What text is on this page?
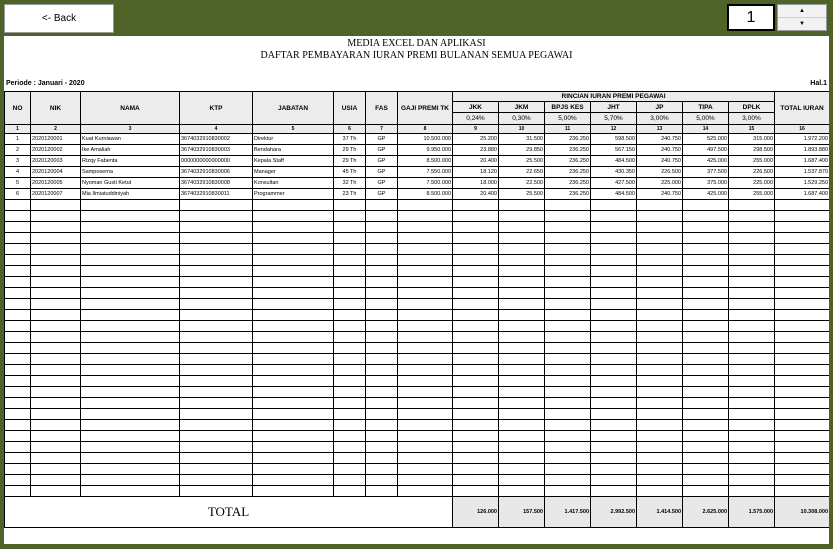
<- Back	1	▲
▼
MEDIA EXCEL DAN APLIKASI
DAFTAR PEMBAYARAN IURAN PREMI BULANAN SEMUA PEGAWAI
Periode : Januari - 2020	Hal.1
NO	NIK	NAMA	KTP	JABATAN	USIA	FAS	GAJI PREMI TK	RINCIAN IURAN PREMI PEGAWAI							TOTAL IURAN
								JKK	JKM	BPJS KES	JHT	JP	TIPA	DPLK	
								0,24%	0,30%	5,00%	5,70%	3,00%	5,00%	3,00%	
1	2	3	4	5	6	7	8	9	10	11	12	13	14	15	16
1	2020120001	Kuat Kurniawan	3674032910830002	Direktur	37 Th	GP	10.500.000	25.200	31.500	236.250	598.500	240.750	525.000	315.000	1.972.200
2	2020120002	Ike Amaliah	3674032910830003	Bendahara	29 Th	GP	9.950.000	23.880	29.850	236.250	567.150	240.750	497.500	298.500	1.893.880
3	2020120003	Rizqy Fabenta	0000000000000000	Kepala Staff	29 Th	GP	8.500.000	20.400	25.500	236.250	484.500	240.750	425.000	255.000	1.687.400
4	2020120004	Samposema	3674032910830006	Manager	45 Th	GP	7.550.000	18.120	22.650	236.250	430.350	226.500	377.500	226.500	1.537.870
5	2020120005	Nyoman Gusti Ketut	3674032910830008	Konsultan	32 Th	GP	7.500.000	18.000	22.500	236.250	427.500	225.000	375.000	225.000	1.529.250
6	2020120007	Mia Ilmiatuddiniyah	3674032910830011	Programmer	23 Th	GP	8.500.000	20.400	25.500	236.250	484.500	240.750	425.000	255.000	1.687.400

TOTAL								126.000	157.500	1.417.500	2.992.500	1.414.500	2.625.000	1.575.000	10.308.000
